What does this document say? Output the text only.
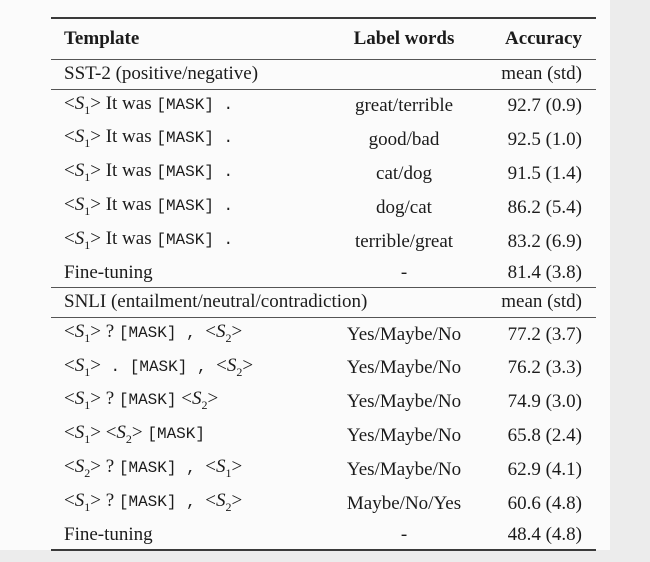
Template	Label words	Accuracy
SST-2 (positive/negative)		mean (std)
$<S_1> It$ was [MASK] .	great/terrible	92.7 (0.9)
$<S_1> It$ was [MASK] .	good/bad	92.5 (1.0)
$<S_1> It$ was [MASK] .	cat/dog	91.5 (1.4)
$<S_1> It$ was [MASK] .	dog/cat	86.2 (5.4)
$<S_1> It$ was [MASK] .	terrible/great	83.2 (6.9)
Fine-tuning	-	81.4 (3.8)
SNLI (entailment/neutral/contradiction)		mean (std)
$<S_1>$ ? [MASK] , $<S_2>$	Yes/Maybe/No	77.2 (3.7)
$<S_1>$ . [MASK] , $<S_2>$	Yes/Maybe/No	76.2 (3.3)
$<S_1>$ ? [MASK] $<S_2>$	Yes/Maybe/No	74.9 (3.0)
$<S_1> <S_2>$ [MASK]	Yes/Maybe/No	65.8 (2.4)
$<S_2>$ ? [MASK] , $<S_1>$	Yes/Maybe/No	62.9 (4.1)
$<S_1>$ ? [MASK] , $<S_2>$	Maybe/No/Yes	60.6 (4.8)
Fine-tuning	-	48.4 (4.8)
